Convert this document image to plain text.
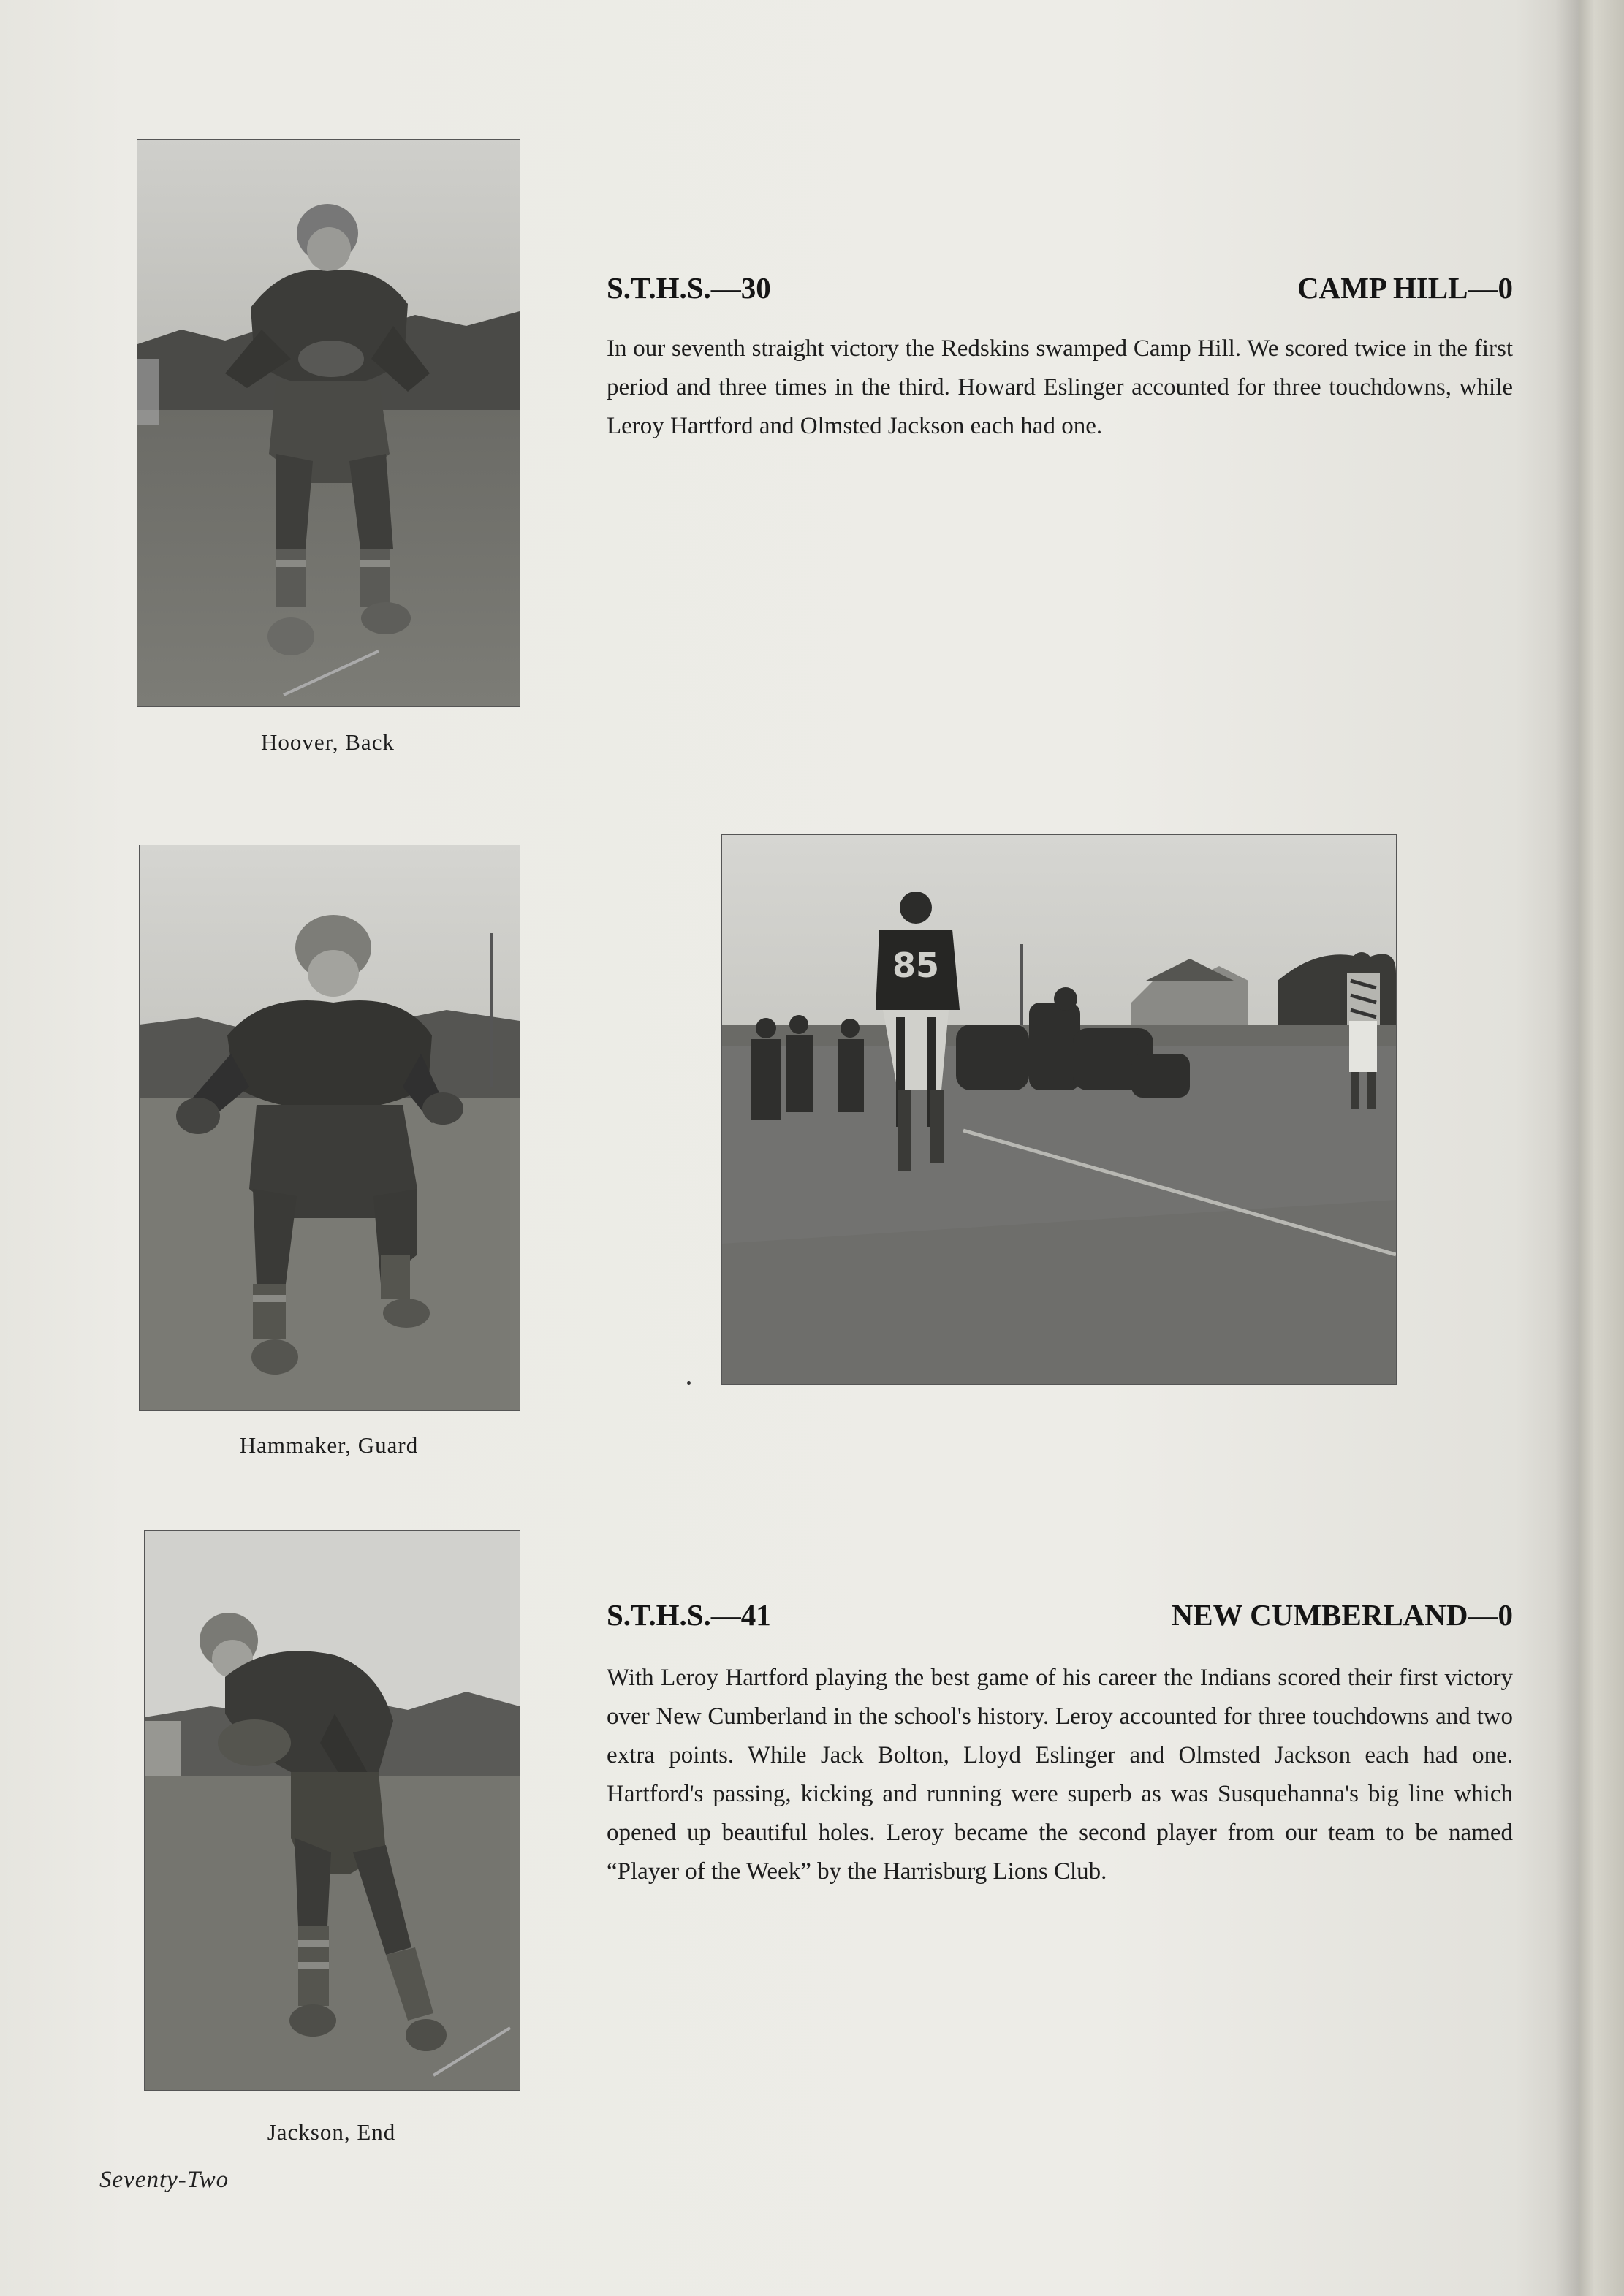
Hoover, Back
Hammaker, Guard
Jackson, End
85
S.T.H.S.—30	CAMP HILL—0

In our seventh straight victory the Redskins swamped Camp Hill. We scored twice in the first period and three times in the third. Howard Eslinger accounted for three touchdowns, while Leroy Hartford and Olmsted Jackson each had one.

S.T.H.S.—41	NEW CUMBERLAND—0

With Leroy Hartford playing the best game of his career the Indians scored their first victory over New Cumberland in the school's history. Leroy accounted for three touchdowns and two extra points. While Jack Bolton, Lloyd Eslinger and Olmsted Jackson each had one. Hartford's passing, kicking and running were superb as was Susquehanna's big line which opened up beautiful holes. Leroy became the second player from our team to be named “Player of the Week” by the Harrisburg Lions Club.

Seventy-Two
